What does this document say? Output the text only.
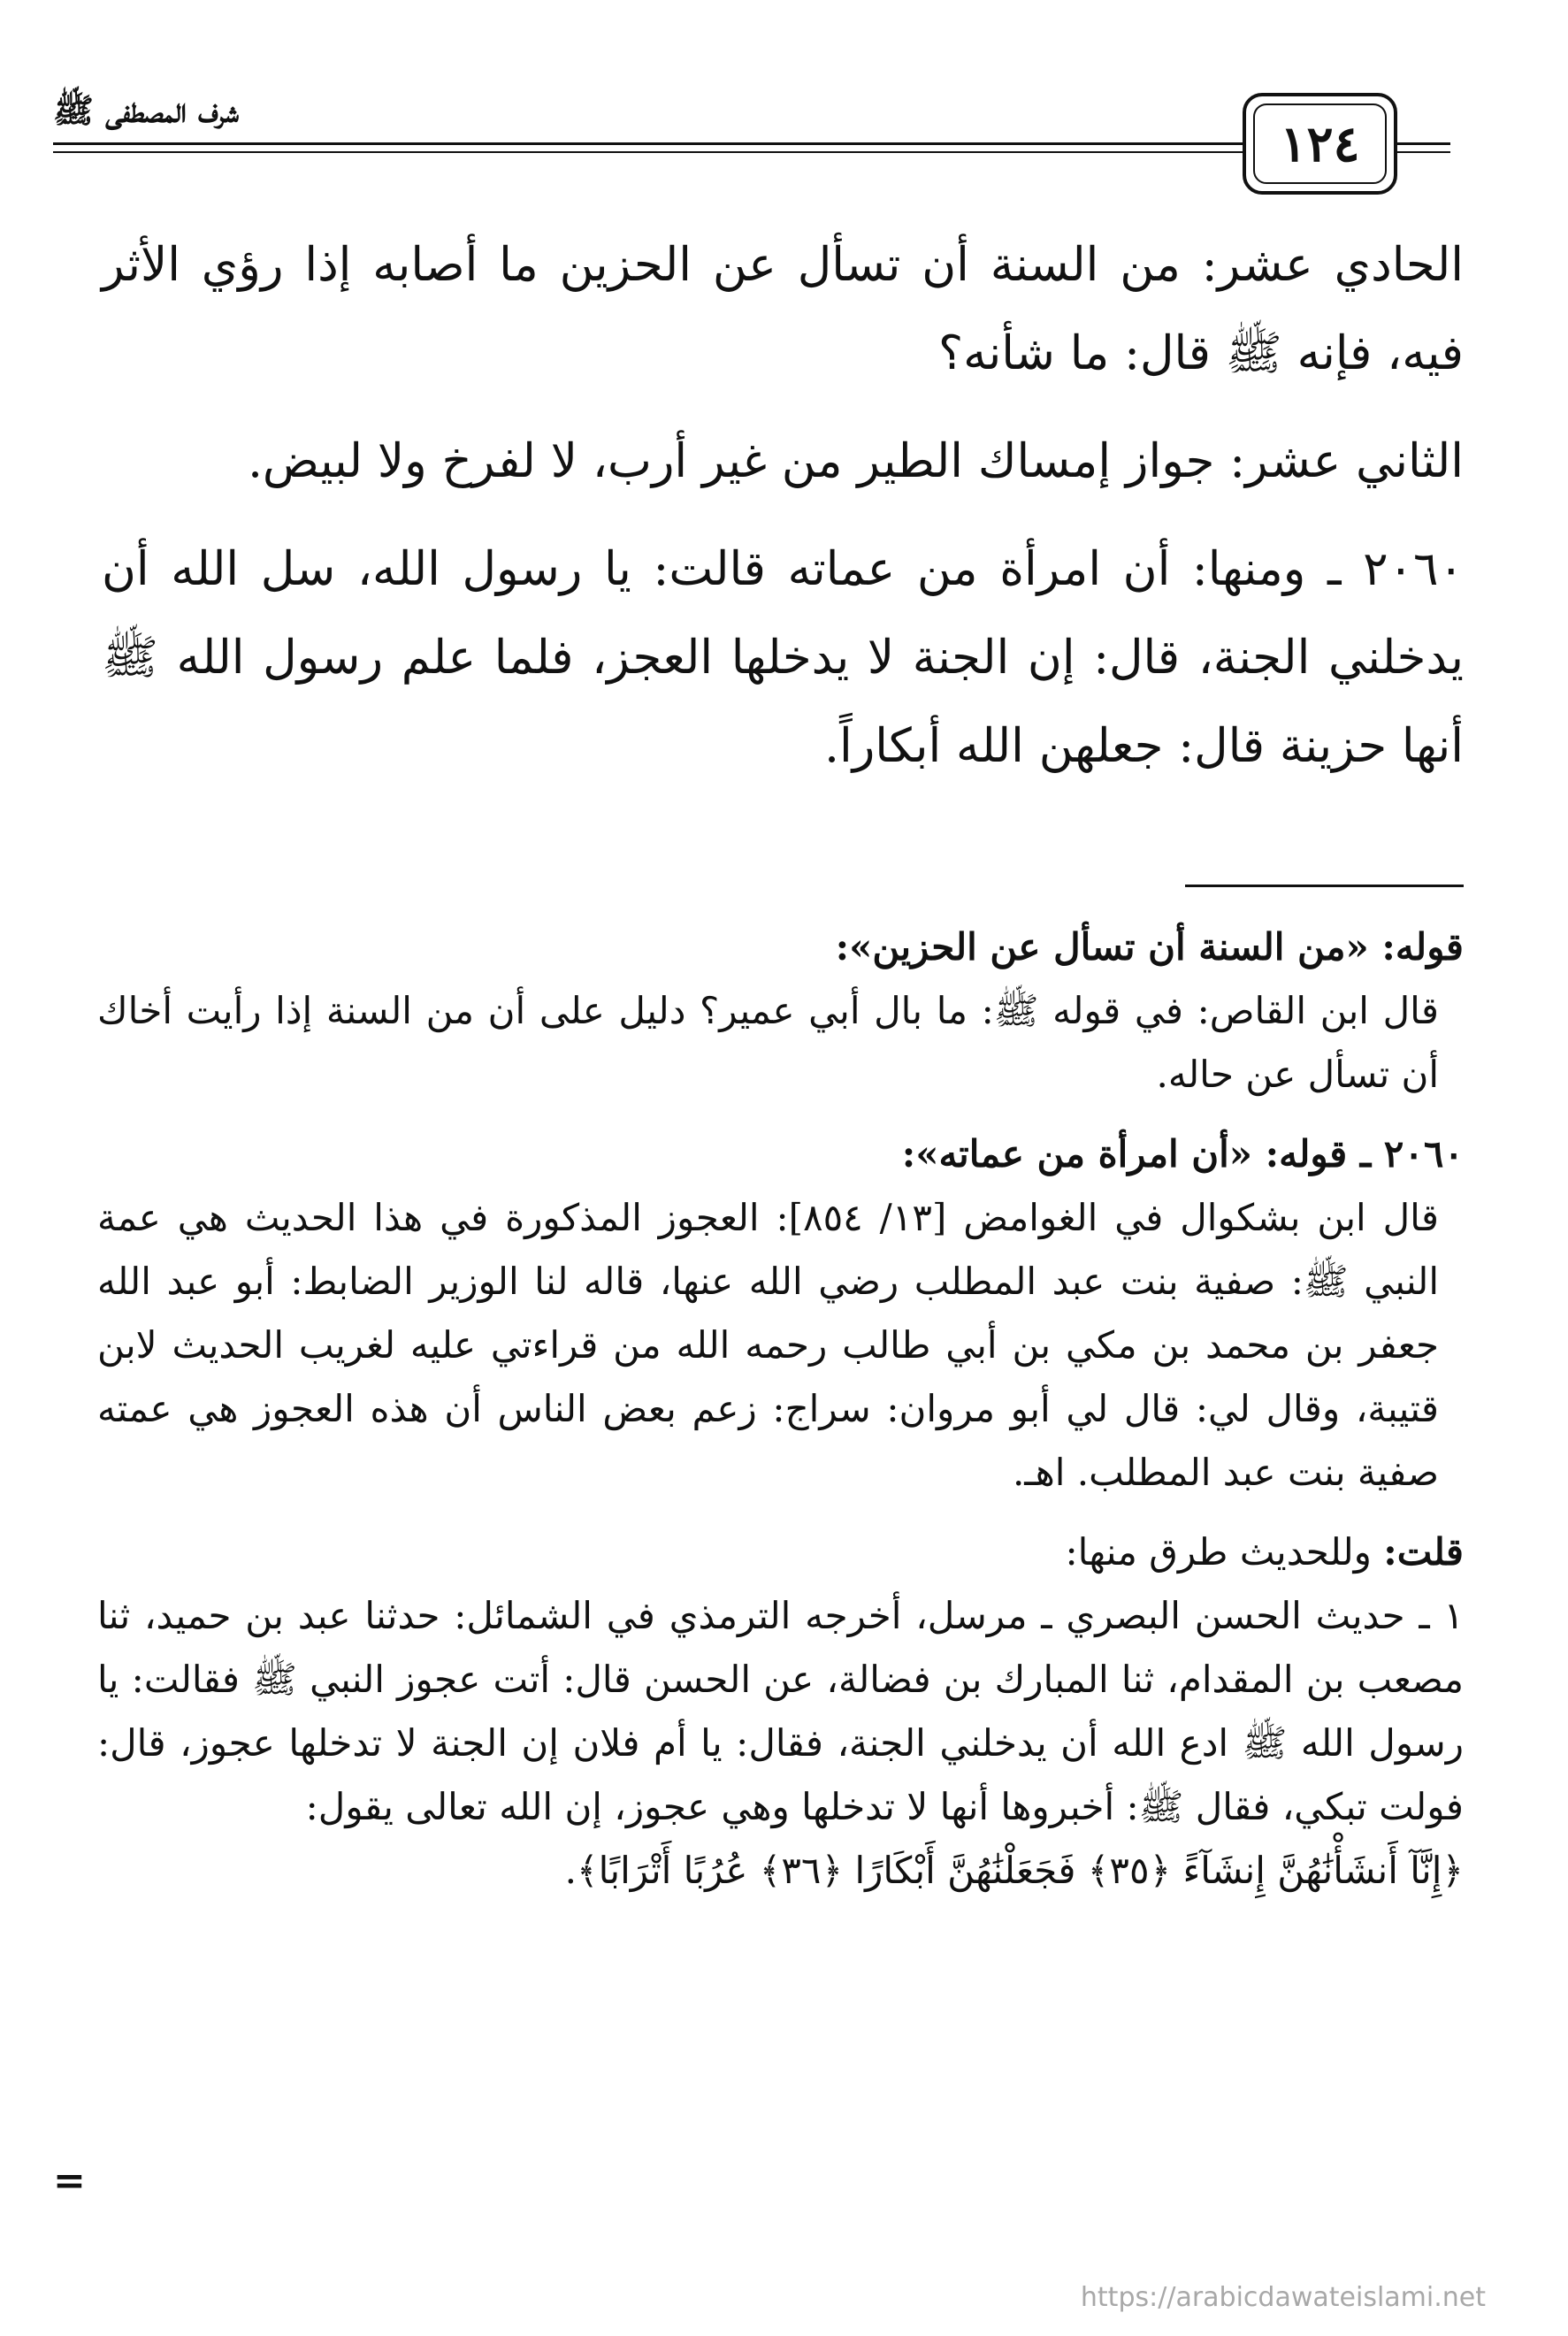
شرف المصطفى ﷺ
١٢٤

الحادي عشر: من السنة أن تسأل عن الحزين ما أصابه إذا رؤي الأثر فيه، فإنه ﷺ قال: ما شأنه؟

الثاني عشر: جواز إمساك الطير من غير أرب، لا لفرخ ولا لبيض.

٢٠٦٠ ـ ومنها: أن امرأة من عماته قالت: يا رسول الله، سل الله أن يدخلني الجنة، قال: إن الجنة لا يدخلها العجز، فلما علم رسول الله ﷺ أنها حزينة قال: جعلهن الله أبكاراً.

قوله: «من السنة أن تسأل عن الحزين»:

قال ابن القاص: في قوله ﷺ: ما بال أبي عمير؟ دليل على أن من السنة إذا رأيت أخاك أن تسأل عن حاله.

٢٠٦٠ ـ قوله: «أن امرأة من عماته»:

قال ابن بشكوال في الغوامض [١٣/ ٨٥٤]: العجوز المذكورة في هذا الحديث هي عمة النبي ﷺ: صفية بنت عبد المطلب رضي الله عنها، قاله لنا الوزير الضابط: أبو عبد الله جعفر بن محمد بن مكي بن أبي طالب رحمه الله من قراءتي عليه لغريب الحديث لابن قتيبة، وقال لي: قال لي أبو مروان: سراج: زعم بعض الناس أن هذه العجوز هي عمته صفية بنت عبد المطلب. اهـ.

قلت: وللحديث طرق منها:

١ ـ حديث الحسن البصري ـ مرسل، أخرجه الترمذي في الشمائل: حدثنا عبد بن حميد، ثنا مصعب بن المقدام، ثنا المبارك بن فضالة، عن الحسن قال: أتت عجوز النبي ﷺ فقالت: يا رسول الله ﷺ ادع الله أن يدخلني الجنة، فقال: يا أم فلان إن الجنة لا تدخلها عجوز، قال: فولت تبكي، فقال ﷺ: أخبروها أنها لا تدخلها وهي عجوز، إن الله تعالى يقول:

﴿إِنَّآ أَنشَأْنَٰهُنَّ إِنشَآءً ﴿٣٥﴾ فَجَعَلْنَٰهُنَّ أَبْكَارًا ﴿٣٦﴾ عُرُبًا أَتْرَابًا﴾.

=
https://arabicdawateislami.net
